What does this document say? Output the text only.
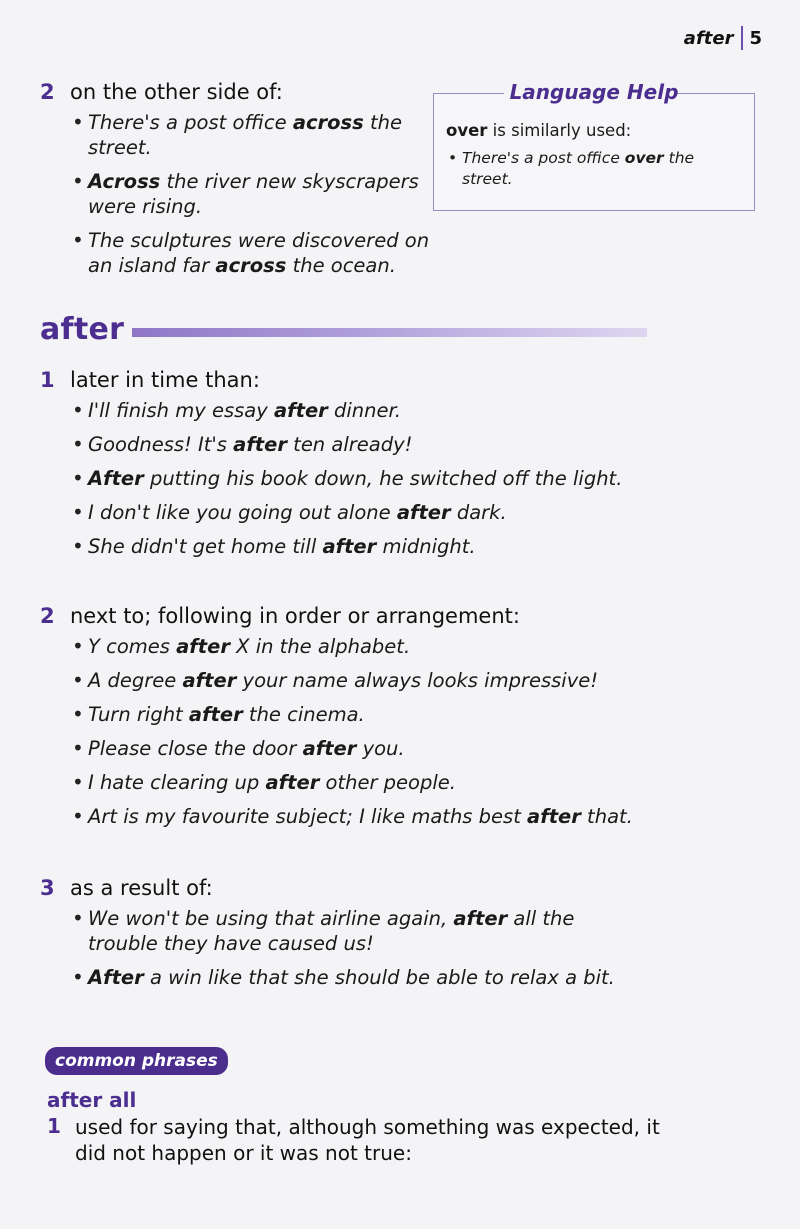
after 5
2 on the other side of:
• There's a post office across the street.
• Across the river new skyscrapers were rising.
• The sculptures were discovered on an island far across the ocean.
Language Help
over is similarly used:
• There's a post office over the street.
after
1 later in time than:
• I'll finish my essay after dinner.
• Goodness! It's after ten already!
• After putting his book down, he switched off the light.
• I don't like you going out alone after dark.
• She didn't get home till after midnight.
2 next to; following in order or arrangement:
• Y comes after X in the alphabet.
• A degree after your name always looks impressive!
• Turn right after the cinema.
• Please close the door after you.
• I hate clearing up after other people.
• Art is my favourite subject; I like maths best after that.
3 as a result of:
• We won't be using that airline again, after all the trouble they have caused us!
• After a win like that she should be able to relax a bit.
common phrases
after all
1 used for saying that, although something was expected, it did not happen or it was not true:
